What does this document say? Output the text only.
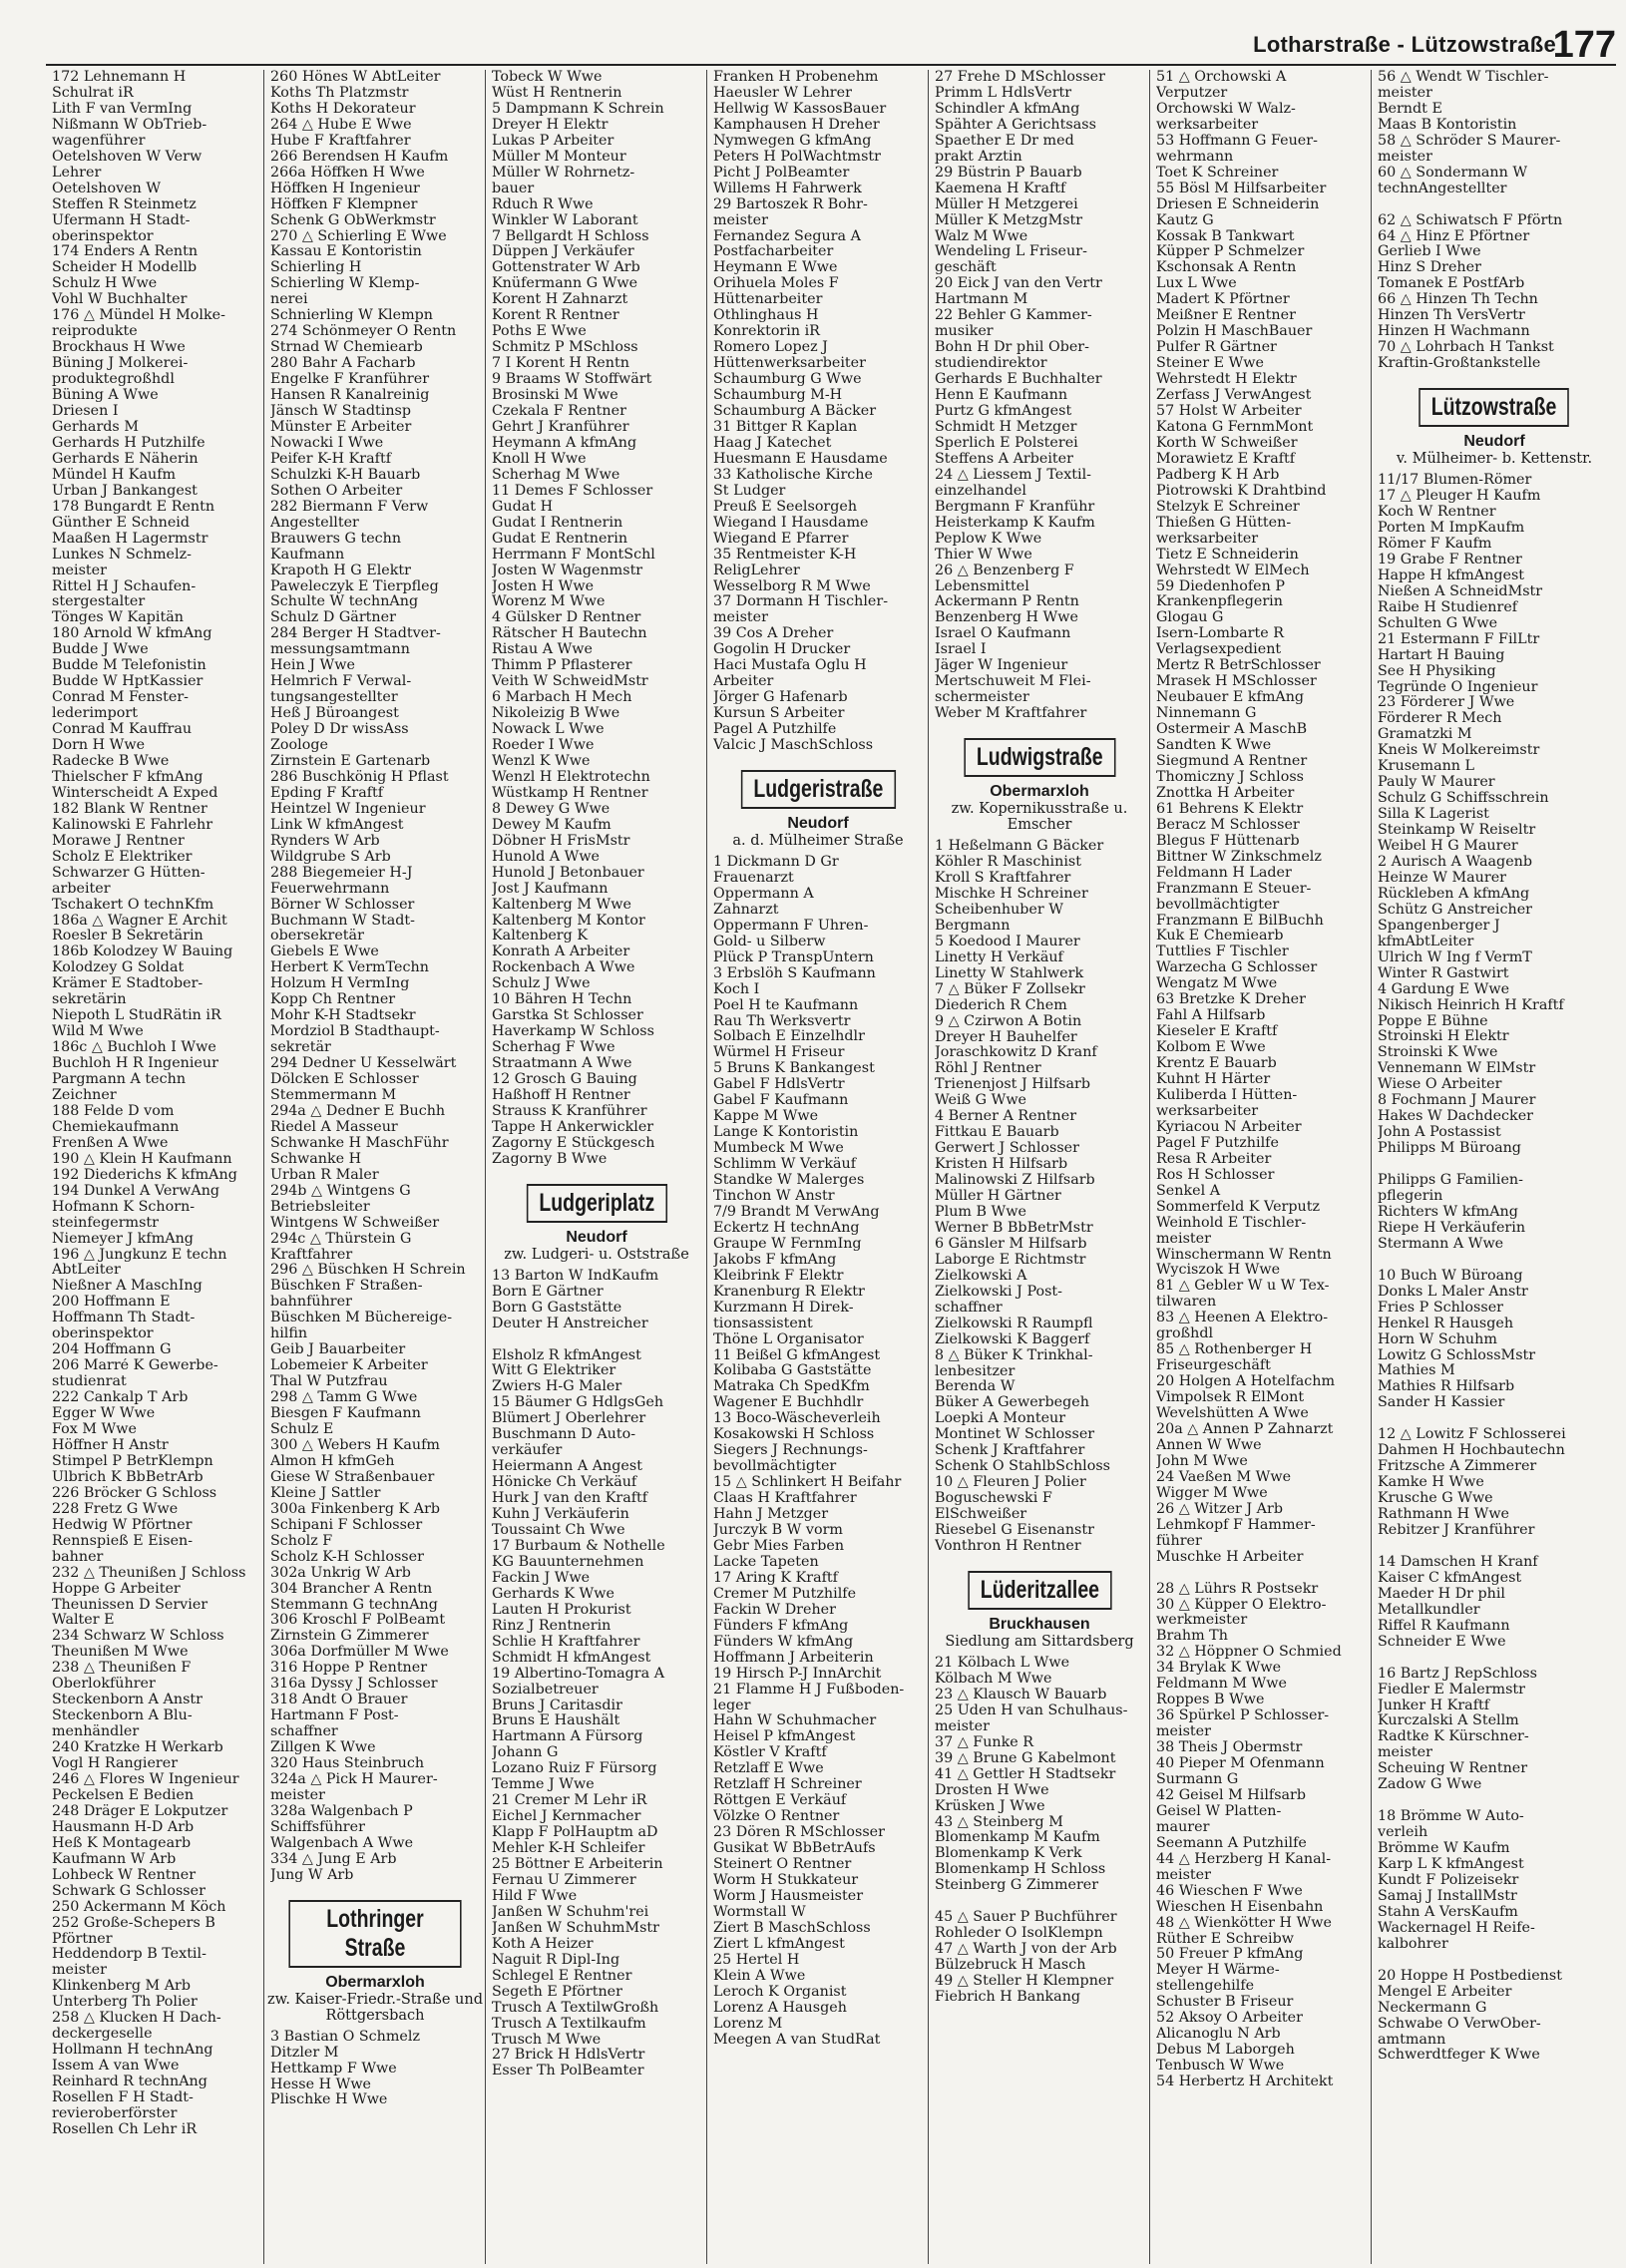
Lotharstraße - Lützowstraße
177
172 Lehnemann H
Schulrat iR
Lith F van VermIng
Nißmann W ObTrieb-
wagenführer
Oetelshoven W Verw
Lehrer
Oetelshoven W
Steffen R Steinmetz
Ufermann H Stadt-
oberinspektor
174 Enders A Rentn
Scheider H Modellb
Schulz H Wwe
Vohl W Buchhalter
176 △ Mündel H Molke-
reiprodukte
Brockhaus H Wwe
Büning J Molkerei-
produktegroßhdl
Büning A Wwe
Driesen I
Gerhards M
Gerhards H Putzhilfe
Gerhards E Näherin
Mündel H Kaufm
Urban J Bankangest
178 Bungardt E Rentn
Günther E Schneid
Maaßen H Lagermstr
Lunkes N Schmelz-
meister
Rittel H J Schaufen-
stergestalter
Tönges W Kapitän
180 Arnold W kfmAng
Budde J Wwe
Budde M Telefonistin
Budde W HptKassier
Conrad M Fenster-
lederimport
Conrad M Kauffrau
Dorn H Wwe
Radecke B Wwe
Thielscher F kfmAng
Winterscheidt A Exped
182 Blank W Rentner
Kalinowski E Fahrlehr
Morawe J Rentner
Scholz E Elektriker
Schwarzer G Hütten-
arbeiter
Tschakert O technKfm
186a △ Wagner E Archit
Roesler B Sekretärin
186b Kolodzey W Bauing
Kolodzey G Soldat
Krämer E Stadtober-
sekretärin
Niepoth L StudRätin iR
Wild M Wwe
186c △ Buchloh I Wwe
Buchloh H R Ingenieur
Pargmann A techn
Zeichner
188 Felde D vom
Chemiekaufmann
Frenßen A Wwe
190 △ Klein H Kaufmann
192 Diederichs K kfmAng
194 Dunkel A VerwAng
Hofmann K Schorn-
steinfegermstr
Niemeyer J kfmAng
196 △ Jungkunz E techn
AbtLeiter
Nießner A MaschIng
200 Hoffmann E
Hoffmann Th Stadt-
oberinspektor
204 Hoffmann G
206 Marré K Gewerbe-
studienrat
222 Cankalp T Arb
Egger W Wwe
Fox M Wwe
Höffner H Anstr
Stimpel P BetrKlempn
Ulbrich K BbBetrArb
226 Bröcker G Schloss
228 Fretz G Wwe
Hedwig W Pförtner
Rennspieß E Eisen-
bahner
232 △ Theunißen J Schloss
Hoppe G Arbeiter
Theunissen D Servier
Walter E
234 Schwarz W Schloss
Theunißen M Wwe
238 △ Theunißen F
Oberlokführer
Steckenborn A Anstr
Steckenborn A Blu-
menhändler
240 Kratzke H Werkarb
Vogl H Rangierer
246 △ Flores W Ingenieur
Peckelsen E Bedien
248 Dräger E Lokputzer
Hausmann H-D Arb
Heß K Montagearb
Kaufmann W Arb
Lohbeck W Rentner
Schwark G Schlosser
250 Ackermann M Köch
252 Große-Schepers B
Pförtner
Heddendorp B Textil-
meister
Klinkenberg M Arb
Unterberg Th Polier
258 △ Klucken H Dach-
deckergeselle
Hollmann H technAng
Issem A van Wwe
Reinhard R technAng
Rosellen F H Stadt-
revieroberförster
Rosellen Ch Lehr iR
260 Hönes W AbtLeiter
Koths Th Platzmstr
Koths H Dekorateur
264 △ Hube E Wwe
Hube F Kraftfahrer
266 Berendsen H Kaufm
266a Höffken H Wwe
Höffken H Ingenieur
Höffken F Klempner
Schenk G ObWerkmstr
270 △ Schierling E Wwe
Kassau E Kontoristin
Schierling H
Schierling W Klemp-
nerei
Schnierling W Klempn
274 Schönmeyer O Rentn
Strnad W Chemiearb
280 Bahr A Facharb
Engelke F Kranführer
Hansen R Kanalreinig
Jänsch W Stadtinsp
Münster E Arbeiter
Nowacki I Wwe
Peifer K-H Kraftf
Schulzki K-H Bauarb
Sothen O Arbeiter
282 Biermann F Verw
Angestellter
Brauwers G techn
Kaufmann
Krapoth H G Elektr
Paweleczyk E Tierpfleg
Schulte W technAng
Schulz D Gärtner
284 Berger H Stadtver-
messungsamtmann
Hein J Wwe
Helmrich F Verwal-
tungsangestellter
Heß J Büroangest
Poley D Dr wissAss
Zoologe
Zirnstein E Gartenarb
286 Buschkönig H Pflast
Epding F Kraftf
Heintzel W Ingenieur
Link W kfmAngest
Rynders W Arb
Wildgrube S Arb
288 Biegemeier H-J
Feuerwehrmann
Börner W Schlosser
Buchmann W Stadt-
obersekretär
Giebels E Wwe
Herbert K VermTechn
Holzum H VermIng
Kopp Ch Rentner
Mohr K-H Stadtsekr
Mordziol B Stadthaupt-
sekretär
294 Dedner U Kesselwärt
Dölcken E Schlosser
Stemmermann M
294a △ Dedner E Buchh
Riedel A Masseur
Schwanke H MaschFühr
Schwanke H
Urban R Maler
294b △ Wintgens G
Betriebsleiter
Wintgens W Schweißer
294c △ Thürstein G
Kraftfahrer
296 △ Büschken H Schrein
Büschken F Straßen-
bahnführer
Büschken M Büchereige-
hilfin
Geib J Bauarbeiter
Lobemeier K Arbeiter
Thal W Putzfrau
298 △ Tamm G Wwe
Biesgen F Kaufmann
Schulz E
300 △ Webers H Kaufm
Almon H kfmGeh
Giese W Straßenbauer
Kleine J Sattler
300a Finkenberg K Arb
Schipani F Schlosser
Scholz F
Scholz K-H Schlosser
302a Unkrig W Arb
304 Brancher A Rentn
Stemmann G technAng
306 Kroschl F PolBeamt
Zirnstein G Zimmerer
306a Dorfmüller M Wwe
316 Hoppe P Rentner
316a Dyssy J Schlosser
318 Andt O Brauer
Hartmann F Post-
schaffner
Zillgen K Wwe
320 Haus Steinbruch
324a △ Pick H Maurer-
meister
328a Walgenbach P
Schiffsführer
Walgenbach A Wwe
334 △ Jung E Arb
Jung W Arb
Lothringer Straße
Obermarxloh
zw. Kaiser-Friedr.-Straße und Röttgersbach
3 Bastian O Schmelz
Ditzler M
Hettkamp F Wwe
Hesse H Wwe
Plischke H Wwe
Tobeck W Wwe
Wüst H Rentnerin
5 Dampmann K Schrein
Dreyer H Elektr
Lukas P Arbeiter
Müller M Monteur
Müller W Rohrnetz-
bauer
Rduch R Wwe
Winkler W Laborant
7 Bellgardt H Schloss
Düppen J Verkäufer
Gottenstrater W Arb
Knüfermann G Wwe
Korent H Zahnarzt
Korent R Rentner
Poths E Wwe
Schmitz P MSchloss
7 I Korent H Rentn
9 Braams W Stoffwärt
Brosinski M Wwe
Czekala F Rentner
Gehrt J Kranführer
Heymann A kfmAng
Knoll H Wwe
Scherhag M Wwe
11 Demes F Schlosser
Gudat H
Gudat I Rentnerin
Gudat E Rentnerin
Herrmann F MontSchl
Josten W Wagenmstr
Josten H Wwe
Worenz M Wwe
4 Gülsker D Rentner
Rätscher H Bautechn
Ristau A Wwe
Thimm P Pflasterer
Veith W SchweidMstr
6 Marbach H Mech
Nikoleizig B Wwe
Nowack L Wwe
Roeder I Wwe
Wenzl K Wwe
Wenzl H Elektrotechn
Wüstkamp H Rentner
8 Dewey G Wwe
Dewey M Kaufm
Döbner H FrisMstr
Hunold A Wwe
Hunold J Betonbauer
Jost J Kaufmann
Kaltenberg M Wwe
Kaltenberg M Kontor
Kaltenberg K
Konrath A Arbeiter
Rockenbach A Wwe
Schulz J Wwe
10 Bähren H Techn
Garstka St Schlosser
Haverkamp W Schloss
Scherhag F Wwe
Straatmann A Wwe
12 Grosch G Bauing
Haßhoff H Rentner
Strauss K Kranführer
Tappe H Ankerwickler
Zagorny E Stückgesch
Zagorny B Wwe
Ludgeriplatz
Neudorf
zw. Ludgeri- u. Oststraße
13 Barton W IndKaufm
Born E Gärtner
Born G Gaststätte
Deuter H Anstreicher

Elsholz R kfmAngest
Witt G Elektriker
Zwiers H-G Maler
15 Bäumer G HdlgsGeh
Blümert J Oberlehrer
Buschmann D Auto-
verkäufer
Heiermann A Angest
Hönicke Ch Verkäuf
Hurk J van den Kraftf
Kuhn J Verkäuferin
Toussaint Ch Wwe
17 Burbaum & Nothelle
KG Bauunternehmen
Fackin J Wwe
Gerhards K Wwe
Lauten H Prokurist
Rinz J Rentnerin
Schlie H Kraftfahrer
Schmidt H kfmAngest
19 Albertino-Tomagra A
Sozialbetreuer
Bruns J Caritasdir
Bruns E Haushält
Hartmann A Fürsorg
Johann G
Lozano Ruiz F Fürsorg
Temme J Wwe
21 Cremer M Lehr iR
Eichel J Kernmacher
Klapp F PolHauptm aD
Mehler K-H Schleifer
25 Böttner E Arbeiterin
Fernau U Zimmerer
Hild F Wwe
Janßen W Schuhm'rei
Janßen W SchuhmMstr
Koth A Heizer
Naguit R Dipl-Ing
Schlegel E Rentner
Segeth E Pförtner
Trusch A TextilwGroßh
Trusch A Textilkaufm
Trusch M Wwe
27 Brick H HdlsVertr
Esser Th PolBeamter
Franken H Probenehm
Haeusler W Lehrer
Hellwig W KassosBauer
Kamphausen H Dreher
Nymwegen G kfmAng
Peters H PolWachtmstr
Picht J PolBeamter
Willems H Fahrwerk
29 Bartoszek R Bohr-
meister
Fernandez Segura A
Postfacharbeiter
Heymann E Wwe
Orihuela Moles F
Hüttenarbeiter
Othlinghaus H
Konrektorin iR
Romero Lopez J
Hüttenwerksarbeiter
Schaumburg G Wwe
Schaumburg M-H
Schaumburg A Bäcker
31 Bittger R Kaplan
Haag J Katechet
Huesmann E Hausdame
33 Katholische Kirche
St Ludger
Preuß E Seelsorgeh
Wiegand I Hausdame
Wiegand E Pfarrer
35 Rentmeister K-H
ReligLehrer
Wesselborg R M Wwe
37 Dormann H Tischler-
meister
39 Cos A Dreher
Gogolin H Drucker
Haci Mustafa Oglu H
Arbeiter
Jörger G Hafenarb
Kursun S Arbeiter
Pagel A Putzhilfe
Valcic J MaschSchloss
Ludgeristraße
Neudorf
a. d. Mülheimer Straße
1 Dickmann D Gr
Frauenarzt
Oppermann A
Zahnarzt
Oppermann F Uhren-
Gold- u Silberw
Plück P TranspUntern
3 Erbslöh S Kaufmann
Koch I
Poel H te Kaufmann
Rau Th Werksvertr
Solbach E Einzelhdlr
Würmel H Friseur
5 Bruns K Bankangest
Gabel F HdlsVertr
Gabel F Kaufmann
Kappe M Wwe
Lange K Kontoristin
Mumbeck M Wwe
Schlimm W Verkäuf
Standke W Malerges
Tinchon W Anstr
7/9 Brandt M VerwAng
Eckertz H technAng
Graupe W FernmIng
Jakobs F kfmAng
Kleibrink F Elektr
Kranenburg R Elektr
Kurzmann H Direk-
tionsassistent
Thöne L Organisator
11 Beißel G kfmAngest
Kolibaba G Gaststätte
Matraka Ch SpedKfm
Wagener E Buchhdlr
13 Boco-Wäscheverleih
Kosakowski H Schloss
Siegers J Rechnungs-
bevollmächtigter
15 △ Schlinkert H Beifahr
Claas H Kraftfahrer
Hahn J Metzger
Jurczyk B W vorm
Gebr Mies Farben
Lacke Tapeten
17 Aring K Kraftf
Cremer M Putzhilfe
Fackin W Dreher
Fünders F kfmAng
Fünders W kfmAng
Hoffmann J Arbeiterin
19 Hirsch P-J InnArchit
21 Flamme H J Fußboden-
leger
Hahn W Schuhmacher
Heisel P kfmAngest
Köstler V Kraftf
Retzlaff E Wwe
Retzlaff H Schreiner
Röttgen E Verkäuf
Völzke O Rentner
23 Dören R MSchlosser
Gusikat W BbBetrAufs
Steinert O Rentner
Worm H Stukkateur
Worm J Hausmeister
Wormstall W
Ziert B MaschSchloss
Ziert L kfmAngest
25 Hertel H
Klein A Wwe
Leroch K Organist
Lorenz A Hausgeh
Lorenz M
Meegen A van StudRat
27 Frehe D MSchlosser
Primm L HdlsVertr
Schindler A kfmAng
Spähter A Gerichtsass
Spaether E Dr med
prakt Ärztin
29 Büstrin P Bauarb
Kaemena H Kraftf
Müller H Metzgerei
Müller K MetzgMstr
Walz M Wwe
Wendeling L Friseur-
geschäft
20 Eick J van den Vertr
Hartmann M
22 Behler G Kammer-
musiker
Bohn H Dr phil Ober-
studiendirektor
Gerhards E Buchhalter
Henn E Kaufmann
Purtz G kfmAngest
Schmidt H Metzger
Sperlich E Polsterei
Steffens A Arbeiter
24 △ Liessem J Textil-
einzelhandel
Bergmann F Kranführ
Heisterkamp K Kaufm
Peplow K Wwe
Thier W Wwe
26 △ Benzenberg F
Lebensmittel
Ackermann P Rentn
Benzenberg H Wwe
Israel O Kaufmann
Israel I
Jäger W Ingenieur
Mertschuweit M Flei-
schermeister
Weber M Kraftfahrer
Ludwigstraße
Obermarxloh
zw. Kopernikusstraße u. Emscher
1 Heßelmann G Bäcker
Köhler R Maschinist
Kroll S Kraftfahrer
Mischke H Schreiner
Scheibenhuber W
Bergmann
5 Koedood I Maurer
Linetty H Verkäuf
Linetty W Stahlwerk
7 △ Büker F Zollsekr
Diederich R Chem
9 △ Czirwon A Botin
Dreyer H Bauhelfer
Joraschkowitz D Kranf
Röhl J Rentner
Trienenjost J Hilfsarb
Weiß G Wwe
4 Berner A Rentner
Fittkau E Bauarb
Gerwert J Schlosser
Kristen H Hilfsarb
Malinowski Z Hilfsarb
Müller H Gärtner
Plum B Wwe
Werner B BbBetrMstr
6 Gänsler M Hilfsarb
Laborge E Richtmstr
Zielkowski A
Zielkowski J Post-
schaffner
Zielkowski R Raumpfl
Zielkowski K Baggerf
8 △ Büker K Trinkhal-
lenbesitzer
Berenda W
Büker A Gewerbegeh
Loepki A Monteur
Montinet W Schlosser
Schenk J Kraftfahrer
Schenk O StahlbSchloss
10 △ Fleuren J Polier
Boguschewski F
ElSchweißer
Riesebel G Eisenanstr
Vonthron H Rentner
Lüderitzallee
Bruckhausen
Siedlung am Sittardsberg
21 Kölbach L Wwe
Kölbach M Wwe
23 △ Klausch W Bauarb
25 Uden H van Schulhaus-
meister
37 △ Funke R
39 △ Brune G Kabelmont
41 △ Gettler H Stadtsekr
Drosten H Wwe
Krüsken J Wwe
43 △ Steinberg M
Blomenkamp M Kaufm
Blomenkamp K Verk
Blomenkamp H Schloss
Steinberg G Zimmerer

45 △ Sauer P Buchführer
Rohleder O IsolKlempn
47 △ Warth J von der Arb
Bülzebruck H Masch
49 △ Steller H Klempner
Fiebrich H Bankang
51 △ Orchowski A
Verputzer
Orchowski W Walz-
werksarbeiter
53 Hoffmann G Feuer-
wehrmann
Toet K Schreiner
55 Bösl M Hilfsarbeiter
Driesen E Schneiderin
Kautz G
Kossak B Tankwart
Küpper P Schmelzer
Kschonsak A Rentn
Lux L Wwe
Madert K Pförtner
Meißner E Rentner
Polzin H MaschBauer
Pulfer R Gärtner
Steiner E Wwe
Wehrstedt H Elektr
Zerfass J VerwAngest
57 Holst W Arbeiter
Katona G FernmMont
Korth W Schweißer
Morawietz E Kraftf
Padberg K H Arb
Piotrowski K Drahtbind
Stelzyk E Schreiner
Thießen G Hütten-
werksarbeiter
Tietz E Schneiderin
Wehrstedt W ElMech
59 Diedenhofen P
Krankenpflegerin
Glogau G
Isern-Lombarte R
Verlagsexpedient
Mertz R BetrSchlosser
Mrasek H MSchlosser
Neubauer E kfmAng
Ninnemann G
Ostermeir A MaschB
Sandten K Wwe
Siegmund A Rentner
Thomiczny J Schloss
Znottka H Arbeiter
61 Behrens K Elektr
Beracz M Schlosser
Blegus F Hüttenarb
Bittner W Zinkschmelz
Feldmann H Lader
Franzmann E Steuer-
bevollmächtigter
Franzmann E BilBuchh
Kuk E Chemiearb
Tuttlies F Tischler
Warzecha G Schlosser
Wengatz M Wwe
63 Bretzke K Dreher
Fahl A Hilfsarb
Kieseler E Kraftf
Kolbom E Wwe
Krentz E Bauarb
Kuhnt H Härter
Kuliberda I Hütten-
werksarbeiter
Kyriacou N Arbeiter
Pagel F Putzhilfe
Resa R Arbeiter
Ros H Schlosser
Senkel A
Sommerfeld K Verputz
Weinhold E Tischler-
meister
Winschermann W Rentn
Wyciszok H Wwe
81 △ Gebler W u W Tex-
tilwaren
83 △ Heenen A Elektro-
großhdl
85 △ Rothenberger H
Friseurgeschäft
20 Holgen A Hotelfachm
Vimpolsek R ElMont
Wevelshütten A Wwe
20a △ Annen P Zahnarzt
Annen W Wwe
John M Wwe
24 Vaeßen M Wwe
Wigger M Wwe
26 △ Witzer J Arb
Lehmkopf F Hammer-
führer
Muschke H Arbeiter

28 △ Lührs R Postsekr
30 △ Küpper O Elektro-
werkmeister
Brahm Th
32 △ Höppner O Schmied
34 Brylak K Wwe
Feldmann M Wwe
Roppes B Wwe
36 Spürkel P Schlosser-
meister
38 Theis J Obermstr
40 Pieper M Ofenmann
Surmann G
42 Geisel M Hilfsarb
Geisel W Platten-
maurer
Seemann A Putzhilfe
44 △ Herzberg H Kanal-
meister
46 Wieschen F Wwe
Wieschen H Eisenbahn
48 △ Wienkötter H Wwe
Rüther E Schreibw
50 Freuer P kfmAng
Meyer H Wärme-
stellengehilfe
Schuster B Friseur
52 Aksoy O Arbeiter
Alicanoglu N Arb
Debus M Laborgeh
Tenbusch W Wwe
54 Herbertz H Architekt
56 △ Wendt W Tischler-
meister
Berndt E
Maas B Kontoristin
58 △ Schröder S Maurer-
meister
60 △ Sondermann W
technAngestellter

62 △ Schiwatsch F Pförtn
64 △ Hinz E Pförtner
Gerlieb I Wwe
Hinz S Dreher
Tomanek E PostfArb
66 △ Hinzen Th Techn
Hinzen Th VersVertr
Hinzen H Wachmann
70 △ Lohrbach H Tankst
Kraftin-Großtankstelle
Lützowstraße
Neudorf
v. Mülheimer- b. Kettenstr.
11/17 Blumen-Römer
17 △ Pleuger H Kaufm
Koch W Rentner
Porten M ImpKaufm
Römer F Kaufm
19 Grabe F Rentner
Happe H kfmAngest
Nießen A SchneidMstr
Raibe H Studienref
Schulten G Wwe
21 Estermann F FilLtr
Hartart H Bauing
See H Physiking
Tegründe O Ingenieur
23 Förderer J Wwe
Förderer R Mech
Gramatzki M
Kneis W Molkereimstr
Krusemann L
Pauly W Maurer
Schulz G Schiffsschrein
Silla K Lagerist
Steinkamp W Reiseltr
Weibel H G Maurer
2 Aurisch A Waagenb
Heinze W Maurer
Rückleben A kfmAng
Schütz G Anstreicher
Spangenberger J
kfmAbtLeiter
Ulrich W Ing f VermT
Winter R Gastwirt
4 Gardung E Wwe
Nikisch Heinrich H Kraftf
Poppe E Bühne
Stroinski H Elektr
Stroinski K Wwe
Vennemann W ElMstr
Wiese O Arbeiter
8 Fochmann J Maurer
Hakes W Dachdecker
John A Postassist
Philipps M Büroang

Philipps G Familien-
pflegerin
Richters W kfmAng
Riepe H Verkäuferin
Stermann A Wwe

10 Buch W Büroang
Donks L Maler Anstr
Fries P Schlosser
Henkel R Hausgeh
Horn W Schuhm
Lowitz G SchlossMstr
Mathies M
Mathies R Hilfsarb
Sander H Kassier

12 △ Lowitz F Schlosserei
Dahmen H Hochbautechn
Fritzsche A Zimmerer
Kamke H Wwe
Krusche G Wwe
Rathmann H Wwe
Rebitzer J Kranführer

14 Damschen H Kranf
Kaiser C kfmAngest
Maeder H Dr phil
Metallkundler
Riffel R Kaufmann
Schneider E Wwe

16 Bartz J RepSchloss
Fiedler E Malermstr
Junker H Kraftf
Kurczalski A Stellm
Radtke K Kürschner-
meister
Scheuing W Rentner
Zadow G Wwe

18 Brömme W Auto-
verleih
Brömme W Kaufm
Karp L K kfmAngest
Kundt F Polizeisekr
Samaj J InstallMstr
Stahn A VersKaufm
Wackernagel H Reife-
kalbohrer

20 Hoppe H Postbedienst
Mengel E Arbeiter
Neckermann G
Schwabe O VerwOber-
amtmann
Schwerdtfeger K Wwe
